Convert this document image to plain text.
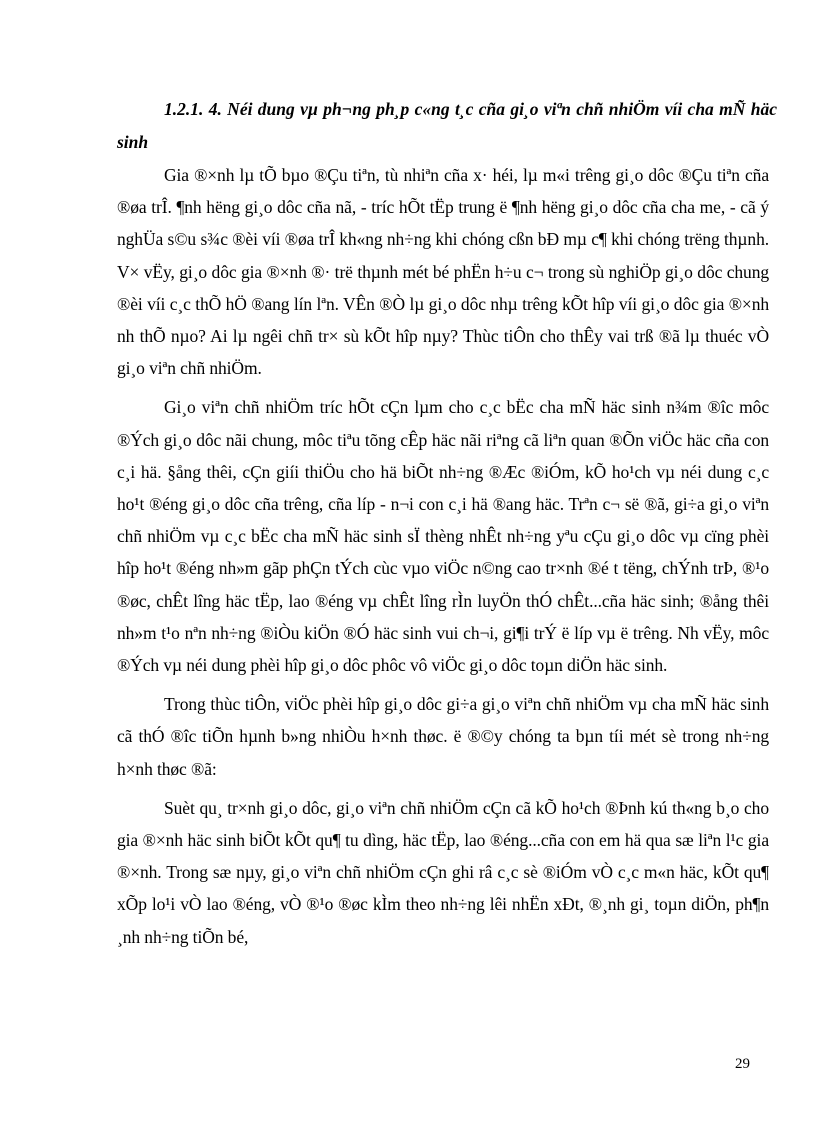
1.2.1. 4. Néi dung vµ ph¬ng ph¸p c«ng t¸c cña gi¸o viªn chñ nhiÖm víi cha mÑ häc sinh

Gia ®×nh lµ tÕ bµo ®Çu tiªn, tù nhiªn cña x· héi, lµ m«i trêng gi¸o dôc ®Çu tiªn cña ®øa trÎ. ¶nh hëng gi¸o dôc cña nã, - tríc hÕt tËp trung ë ¶nh hëng gi¸o dôc cña cha me, - cã ý nghÜa s©u s¾c ®èi víi ®øa trÎ kh«ng nh÷ng khi chóng cßn bÐ mµ c¶ khi chóng trëng thµnh. V× vËy, gi¸o dôc gia ®×nh ®· trë thµnh mét bé phËn h÷u c¬ trong sù nghiÖp gi¸o dôc chung ®èi víi c¸c thÕ hÖ ®ang lín lªn. VÊn ®Ò lµ gi¸o dôc nhµ trêng kÕt hîp víi gi¸o dôc gia ®×nh nh thÕ nµo? Ai lµ ngêi chñ tr× sù kÕt hîp nµy? Thùc tiÔn cho thÊy vai trß ®ã lµ thuéc vÒ gi¸o viªn chñ nhiÖm.

Gi¸o viªn chñ nhiÖm tríc hÕt cÇn lµm cho c¸c bËc cha mÑ häc sinh n¾m ®îc môc ®Ých gi¸o dôc nãi chung, môc tiªu tõng cÊp häc nãi riªng cã liªn quan ®Õn viÖc häc cña con c¸i hä. §ång thêi, cÇn giíi thiÖu cho hä biÕt nh÷ng ®Æc ®iÓm, kÕ ho¹ch vµ néi dung c¸c ho¹t ®éng gi¸o dôc cña trêng, cña líp - n¬i con c¸i hä ®ang häc. Trªn c¬ së ®ã, gi÷a gi¸o viªn chñ nhiÖm vµ c¸c bËc cha mÑ häc sinh sÏ thèng nhÊt nh÷ng yªu cÇu gi¸o dôc vµ cïng phèi hîp ho¹t ®éng nh»m gãp phÇn tÝch cùc vµo viÖc n©ng cao tr×nh ®é t tëng, chÝnh trÞ, ®¹o ®øc, chÊt lîng häc tËp, lao ®éng vµ chÊt lîng rÌn luyÖn thÓ chÊt...cña häc sinh; ®ång thêi nh»m t¹o nªn nh÷ng ®iÒu kiÖn ®Ó häc sinh vui ch¬i, gi¶i trÝ ë líp vµ ë trêng. Nh vËy, môc ®Ých vµ néi dung phèi hîp gi¸o dôc phôc vô viÖc gi¸o dôc toµn diÖn häc sinh.

Trong thùc tiÔn, viÖc phèi hîp gi¸o dôc gi÷a gi¸o viªn chñ nhiÖm vµ cha mÑ häc sinh cã thÓ ®îc tiÕn hµnh b»ng nhiÒu h×nh thøc. ë ®©y chóng ta bµn tíi mét sè trong nh÷ng h×nh thøc ®ã:

Suèt qu¸ tr×nh gi¸o dôc, gi¸o viªn chñ nhiÖm cÇn cã kÕ ho¹ch ®Þnh kú th«ng b¸o cho gia ®×nh häc sinh biÕt kÕt qu¶ tu dìng, häc tËp, lao ®éng...cña con em hä qua sæ liªn l¹c gia ®×nh. Trong sæ nµy, gi¸o viªn chñ nhiÖm cÇn ghi râ c¸c sè ®iÓm vÒ c¸c m«n häc, kÕt qu¶ xÕp lo¹i vÒ lao ®éng, vÒ ®¹o ®øc kÌm theo nh÷ng lêi nhËn xÐt, ®¸nh gi¸ toµn diÖn, ph¶n ¸nh nh÷ng tiÕn bé,

29
